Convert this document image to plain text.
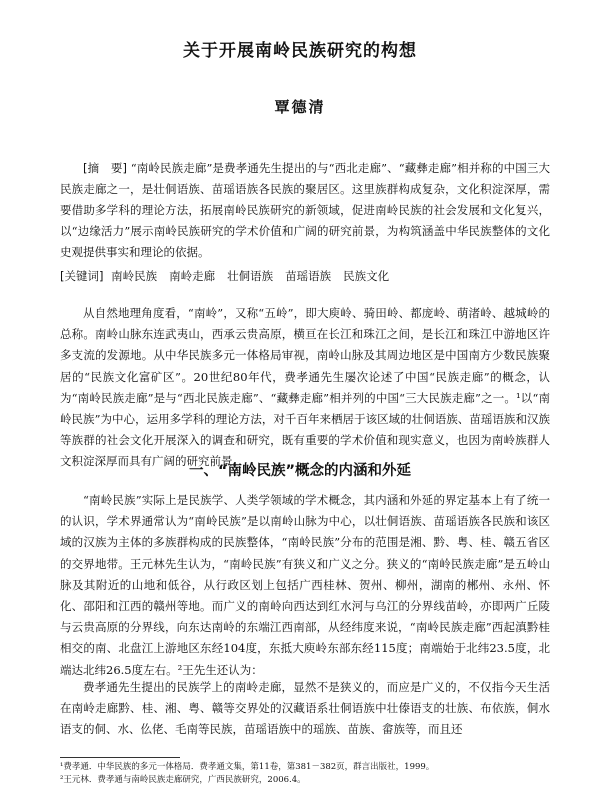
关于开展南岭民族研究的构想
覃德清
[摘　要] “南岭民族走廊”是费孝通先生提出的与“西北走廊”、“藏彝走廊”相并称的中国三大民族走廊之一，是壮侗语族、苗瑶语族各民族的聚居区。这里族群构成复杂，文化积淀深厚，需要借助多学科的理论方法，拓展南岭民族研究的新领域，促进南岭民族的社会发展和文化复兴，以“边缘活力”展示南岭民族研究的学术价值和广阔的研究前景，为构筑涵盖中华民族整体的文化史观提供事实和理论的依据。
[关键词] 南岭民族 南岭走廊 壮侗语族 苗瑶语族 民族文化
从自然地理角度看，“南岭”，又称“五岭”，即大庾岭、骑田岭、都庞岭、萌渚岭、越城岭的总称。南岭山脉东连武夷山，西承云贵高原，横亘在长江和珠江之间，是长江和珠江中游地区许多支流的发源地。从中华民族多元一体格局审视，南岭山脉及其周边地区是中国南方少数民族聚居的“民族文化富矿区”。20世纪80年代，费孝通先生屡次论述了中国“民族走廊”的概念，认为“南岭民族走廊”是与“西北民族走廊”、“藏彝走廊”相并列的中国“三大民族走廊”之一。¹以“南岭民族”为中心，运用多学科的理论方法，对千百年来栖居于该区域的壮侗语族、苗瑶语族和汉族等族群的社会文化开展深入的调查和研究，既有重要的学术价值和现实意义，也因为南岭族群人文积淀深厚而具有广阔的研究前景。
一、“南岭民族”概念的内涵和外延
“南岭民族”实际上是民族学、人类学领域的学术概念，其内涵和外延的界定基本上有了统一的认识，学术界通常认为“南岭民族”是以南岭山脉为中心，以壮侗语族、苗瑶语族各民族和该区域的汉族为主体的多族群构成的民族整体，“南岭民族”分布的范围是湘、黔、粤、桂、赣五省区的交界地带。王元林先生认为，“南岭民族”有狭义和广义之分。狭义的“南岭民族走廊”是五岭山脉及其附近的山地和低谷，从行政区划上包括广西桂林、贺州、柳州，湖南的郴州、永州、怀化、邵阳和江西的赣州等地。而广义的南岭向西达到红水河与乌江的分界线苗岭，亦即两广丘陵与云贵高原的分界线，向东达南岭的东端江西南部，从经纬度来说，“南岭民族走廊”西起滇黔桂相交的南、北盘江上游地区东经104度，东抵大庾岭东部东经115度；南端始于北纬23.5度，北端达北纬26.5度左右。²王先生还认为：
费孝通先生提出的民族学上的南岭走廊，显然不是狭义的，而应是广义的，不仅指今天生活在南岭走廊黔、桂、湘、粤、赣等交界处的汉藏语系壮侗语族中壮傣语支的壮族、布依族，侗水语支的侗、水、仫佬、毛南等民族，苗瑶语族中的瑶族、苗族、畲族等，而且还
¹费孝通．中华民族的多元一体格局．费孝通文集，第11卷，第381－382页，群言出版社，1999。
²王元林．费孝通与南岭民族走廊研究，广西民族研究，2006.4。
